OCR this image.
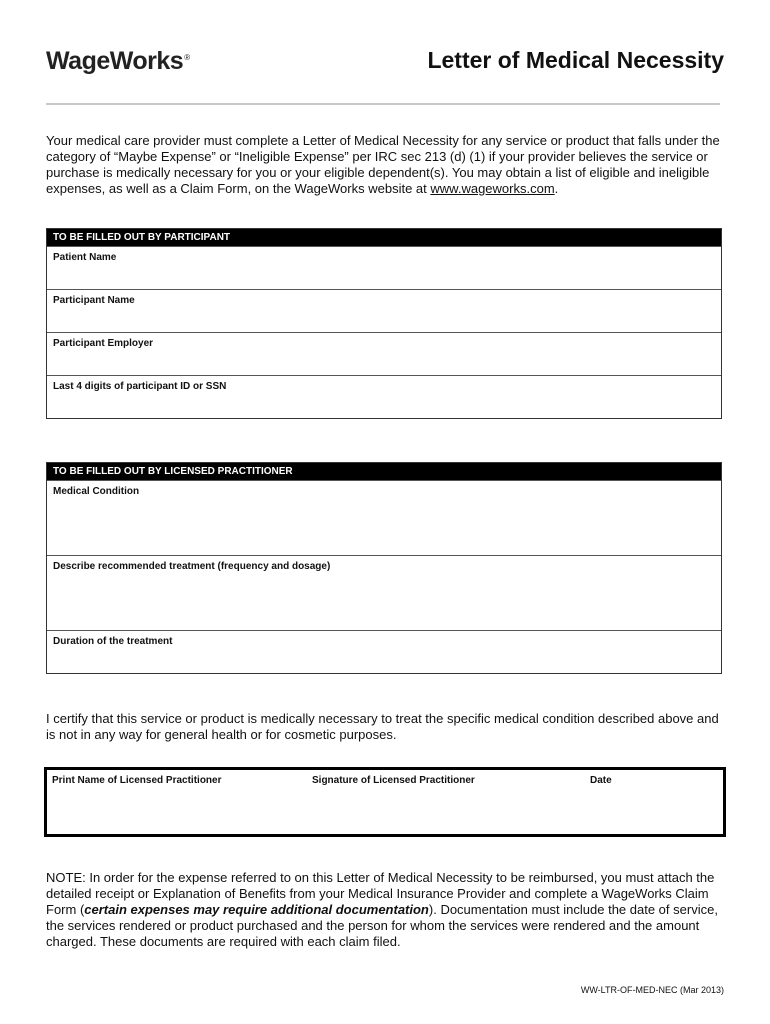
WageWorks®	Letter of Medical Necessity
Your medical care provider must complete a Letter of Medical Necessity for any service or product that falls under the category of “Maybe Expense” or “Ineligible Expense” per IRC sec 213 (d) (1) if your provider believes the service or purchase is medically necessary for you or your eligible dependent(s). You may obtain a list of eligible and ineligible expenses, as well as a Claim Form, on the WageWorks website at www.wageworks.com.
TO BE FILLED OUT BY PARTICIPANT
Patient Name
Participant Name
Participant Employer
Last 4 digits of participant ID or SSN
TO BE FILLED OUT BY LICENSED PRACTITIONER
Medical Condition
Describe recommended treatment (frequency and dosage)
Duration of the treatment
I certify that this service or product is medically necessary to treat the specific medical condition described above and is not in any way for general health or for cosmetic purposes.
Print Name of Licensed Practitioner	Signature of Licensed Practitioner	Date
NOTE: In order for the expense referred to on this Letter of Medical Necessity to be reimbursed, you must attach the detailed receipt or Explanation of Benefits from your Medical Insurance Provider and complete a WageWorks Claim Form (certain expenses may require additional documentation). Documentation must include the date of service, the services rendered or product purchased and the person for whom the services were rendered and the amount charged. These documents are required with each claim filed.
WW-LTR-OF-MED-NEC (Mar 2013)
